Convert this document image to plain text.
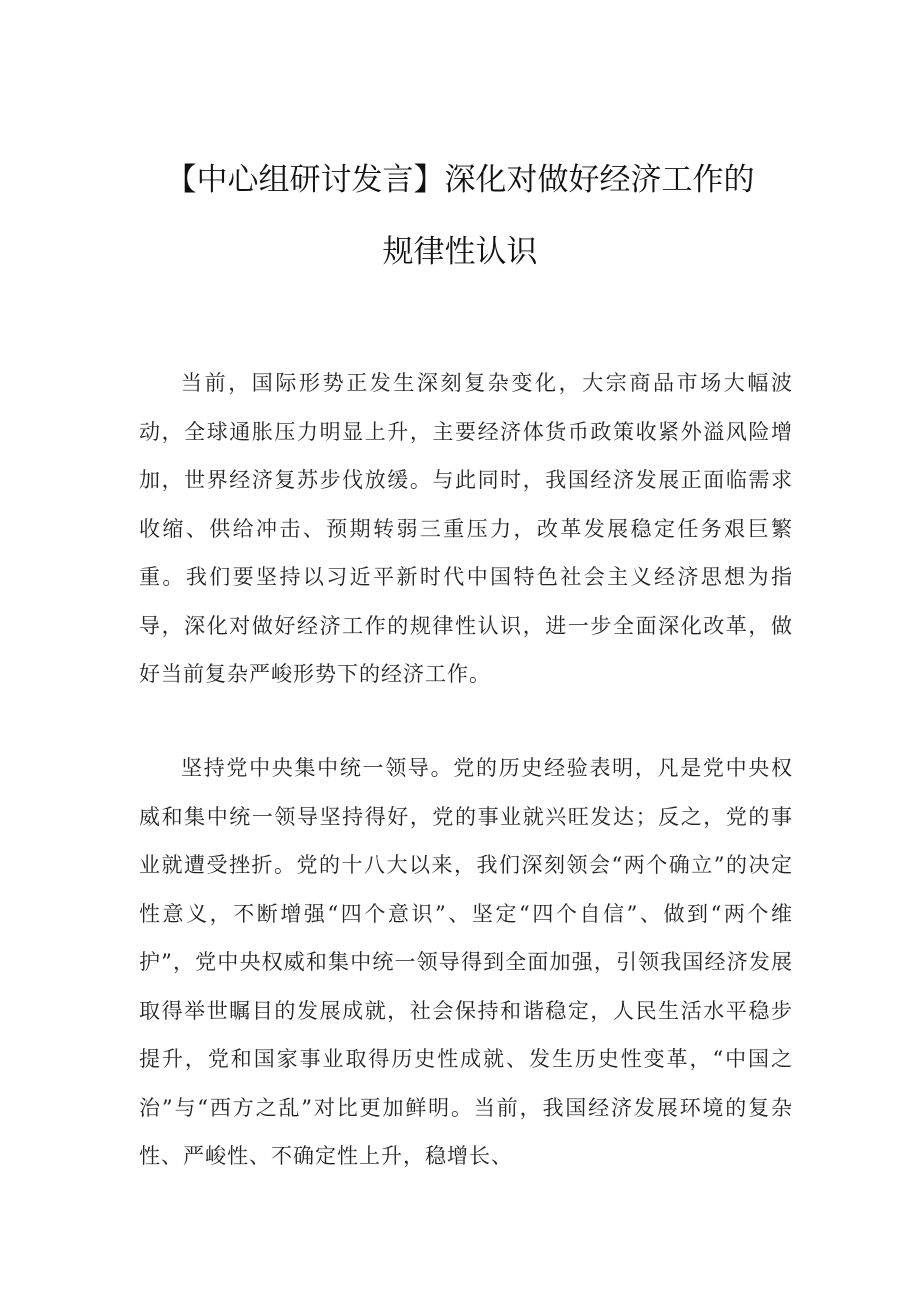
【中心组研讨发言】深化对做好经济工作的
规律性认识

当前，国际形势正发生深刻复杂变化，大宗商品市场大幅波动，全球通胀压力明显上升，主要经济体货币政策收紧外溢风险增加，世界经济复苏步伐放缓。与此同时，我国经济发展正面临需求收缩、供给冲击、预期转弱三重压力，改革发展稳定任务艰巨繁重。我们要坚持以习近平新时代中国特色社会主义经济思想为指导，深化对做好经济工作的规律性认识，进一步全面深化改革，做好当前复杂严峻形势下的经济工作。

坚持党中央集中统一领导。党的历史经验表明，凡是党中央权威和集中统一领导坚持得好，党的事业就兴旺发达；反之，党的事业就遭受挫折。党的十八大以来，我们深刻领会“两个确立”的决定性意义，不断增强“四个意识”、坚定“四个自信”、做到“两个维护”，党中央权威和集中统一领导得到全面加强，引领我国经济发展取得举世瞩目的发展成就，社会保持和谐稳定，人民生活水平稳步提升，党和国家事业取得历史性成就、发生历史性变革，“中国之治”与“西方之乱”对比更加鲜明。当前，我国经济发展环境的复杂性、严峻性、不确定性上升，稳增长、
